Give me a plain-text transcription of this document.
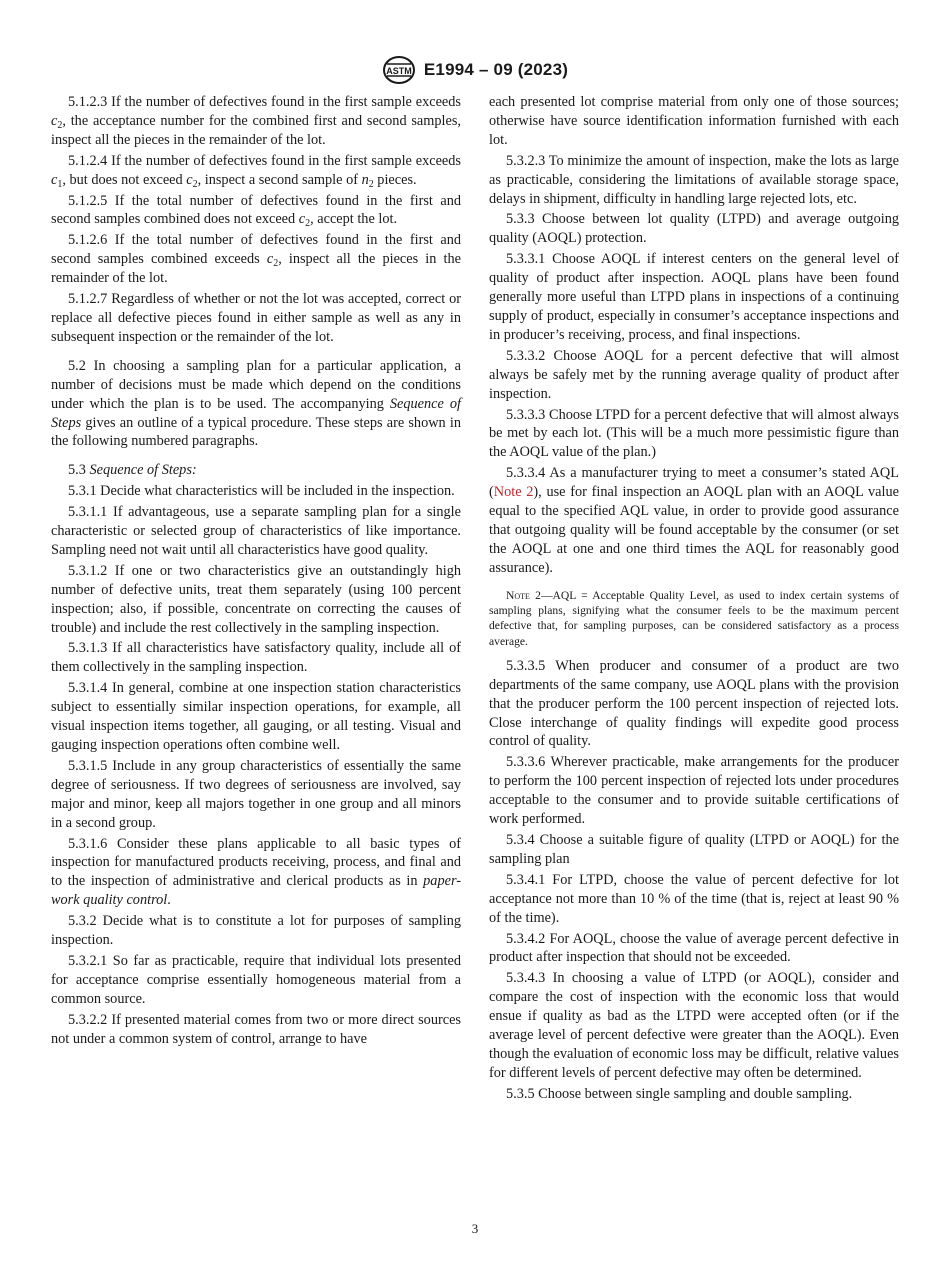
ASTM E1994 – 09 (2023)

5.1.2.3 If the number of defectives found in the first sample exceeds $c_2$, the acceptance number for the combined first and second samples, inspect all the pieces in the remainder of the lot.

5.1.2.4 If the number of defectives found in the first sample exceeds $c_1$, but does not exceed $c_2$, inspect a second sample of $n_2$ pieces.

5.1.2.5 If the total number of defectives found in the first and second samples combined does not exceed $c_2$, accept the lot.

5.1.2.6 If the total number of defectives found in the first and second samples combined exceeds $c_2$, inspect all the pieces in the remainder of the lot.

5.1.2.7 Regardless of whether or not the lot was accepted, correct or replace all defective pieces found in either sample as well as any in subsequent inspection or the remainder of the lot.

5.2 In choosing a sampling plan for a particular application, a number of decisions must be made which depend on the conditions under which the plan is to be used. The accompanying Sequence of Steps gives an outline of a typical procedure. These steps are shown in the following numbered paragraphs.

5.3 Sequence of Steps:

5.3.1 Decide what characteristics will be included in the inspection.

5.3.1.1 If advantageous, use a separate sampling plan for a single characteristic or selected group of characteristics of like importance. Sampling need not wait until all characteristics have good quality.

5.3.1.2 If one or two characteristics give an outstandingly high number of defective units, treat them separately (using 100 percent inspection; also, if possible, concentrate on correcting the causes of trouble) and include the rest collectively in the sampling inspection.

5.3.1.3 If all characteristics have satisfactory quality, include all of them collectively in the sampling inspection.

5.3.1.4 In general, combine at one inspection station characteristics subject to essentially similar inspection operations, for example, all visual inspection items together, all gauging, or all testing. Visual and gauging inspection operations often combine well.

5.3.1.5 Include in any group characteristics of essentially the same degree of seriousness. If two degrees of seriousness are involved, say major and minor, keep all majors together in one group and all minors in a second group.

5.3.1.6 Consider these plans applicable to all basic types of inspection for manufactured products receiving, process, and final and to the inspection of administrative and clerical products as in paper-work quality control.

5.3.2 Decide what is to constitute a lot for purposes of sampling inspection.

5.3.2.1 So far as practicable, require that individual lots presented for acceptance comprise essentially homogeneous material from a common source.

5.3.2.2 If presented material comes from two or more direct sources not under a common system of control, arrange to have

each presented lot comprise material from only one of those sources; otherwise have source identification information furnished with each lot.

5.3.2.3 To minimize the amount of inspection, make the lots as large as practicable, considering the limitations of available storage space, delays in shipment, difficulty in handling large rejected lots, etc.

5.3.3 Choose between lot quality (LTPD) and average outgoing quality (AOQL) protection.

5.3.3.1 Choose AOQL if interest centers on the general level of quality of product after inspection. AOQL plans have been found generally more useful than LTPD plans in inspections of a continuing supply of product, especially in consumer’s acceptance inspections and in producer’s receiving, process, and final inspections.

5.3.3.2 Choose AOQL for a percent defective that will almost always be safely met by the running average quality of product after inspection.

5.3.3.3 Choose LTPD for a percent defective that will almost always be met by each lot. (This will be a much more pessimistic figure than the AOQL value of the plan.)

5.3.3.4 As a manufacturer trying to meet a consumer’s stated AQL (Note 2), use for final inspection an AOQL plan with an AOQL value equal to the specified AQL value, in order to provide good assurance that outgoing quality will be found acceptable by the consumer (or set the AOQL at one and one third times the AQL for reasonably good assurance).

Note 2—AQL = Acceptable Quality Level, as used to index certain systems of sampling plans, signifying what the consumer feels to be the maximum percent defective that, for sampling purposes, can be considered satisfactory as a process average.

5.3.3.5 When producer and consumer of a product are two departments of the same company, use AOQL plans with the provision that the producer perform the 100 percent inspection of rejected lots. Close interchange of quality findings will expedite good process control of quality.

5.3.3.6 Wherever practicable, make arrangements for the producer to perform the 100 percent inspection of rejected lots under procedures acceptable to the consumer and to provide suitable certifications of work performed.

5.3.4 Choose a suitable figure of quality (LTPD or AOQL) for the sampling plan

5.3.4.1 For LTPD, choose the value of percent defective for lot acceptance not more than 10 % of the time (that is, reject at least 90 % of the time).

5.3.4.2 For AOQL, choose the value of average percent defective in product after inspection that should not be exceeded.

5.3.4.3 In choosing a value of LTPD (or AOQL), consider and compare the cost of inspection with the economic loss that would ensue if quality as bad as the LTPD were accepted often (or if the average level of percent defective were greater than the AOQL). Even though the evaluation of economic loss may be difficult, relative values for different levels of percent defective may often be determined.

5.3.5 Choose between single sampling and double sampling.

3
